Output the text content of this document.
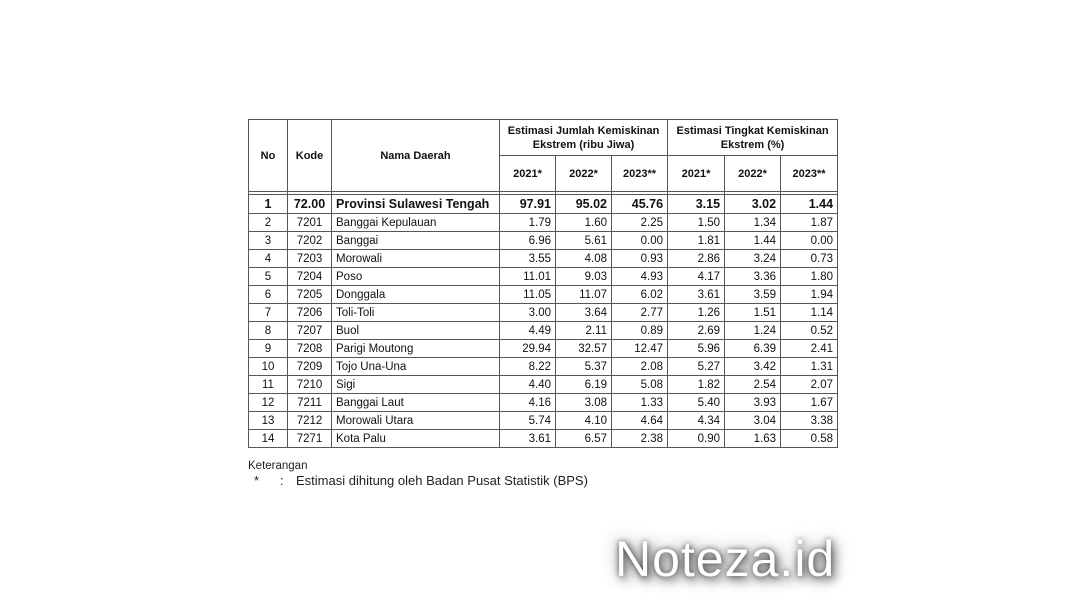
No	Kode	Nama Daerah	Estimasi Jumlah Kemiskinan Ekstrem (ribu Jiwa)			Estimasi Tingkat Kemiskinan Ekstrem (%)		
			2021*	2022*	2023**	2021*	2022*	2023**

1	72.00	Provinsi Sulawesi Tengah	97.91	95.02	45.76	3.15	3.02	1.44
2	7201	Banggai Kepulauan	1.79	1.60	2.25	1.50	1.34	1.87
3	7202	Banggai	6.96	5.61	0.00	1.81	1.44	0.00
4	7203	Morowali	3.55	4.08	0.93	2.86	3.24	0.73
5	7204	Poso	11.01	9.03	4.93	4.17	3.36	1.80
6	7205	Donggala	11.05	11.07	6.02	3.61	3.59	1.94
7	7206	Toli-Toli	3.00	3.64	2.77	1.26	1.51	1.14
8	7207	Buol	4.49	2.11	0.89	2.69	1.24	0.52
9	7208	Parigi Moutong	29.94	32.57	12.47	5.96	6.39	2.41
10	7209	Tojo Una-Una	8.22	5.37	2.08	5.27	3.42	1.31
11	7210	Sigi	4.40	6.19	5.08	1.82	2.54	2.07
12	7211	Banggai Laut	4.16	3.08	1.33	5.40	3.93	1.67
13	7212	Morowali Utara	5.74	4.10	4.64	4.34	3.04	3.38
14	7271	Kota Palu	3.61	6.57	2.38	0.90	1.63	0.58
Keterangan
* : Estimasi dihitung oleh Badan Pusat Statistik (BPS)
Noteza.id
